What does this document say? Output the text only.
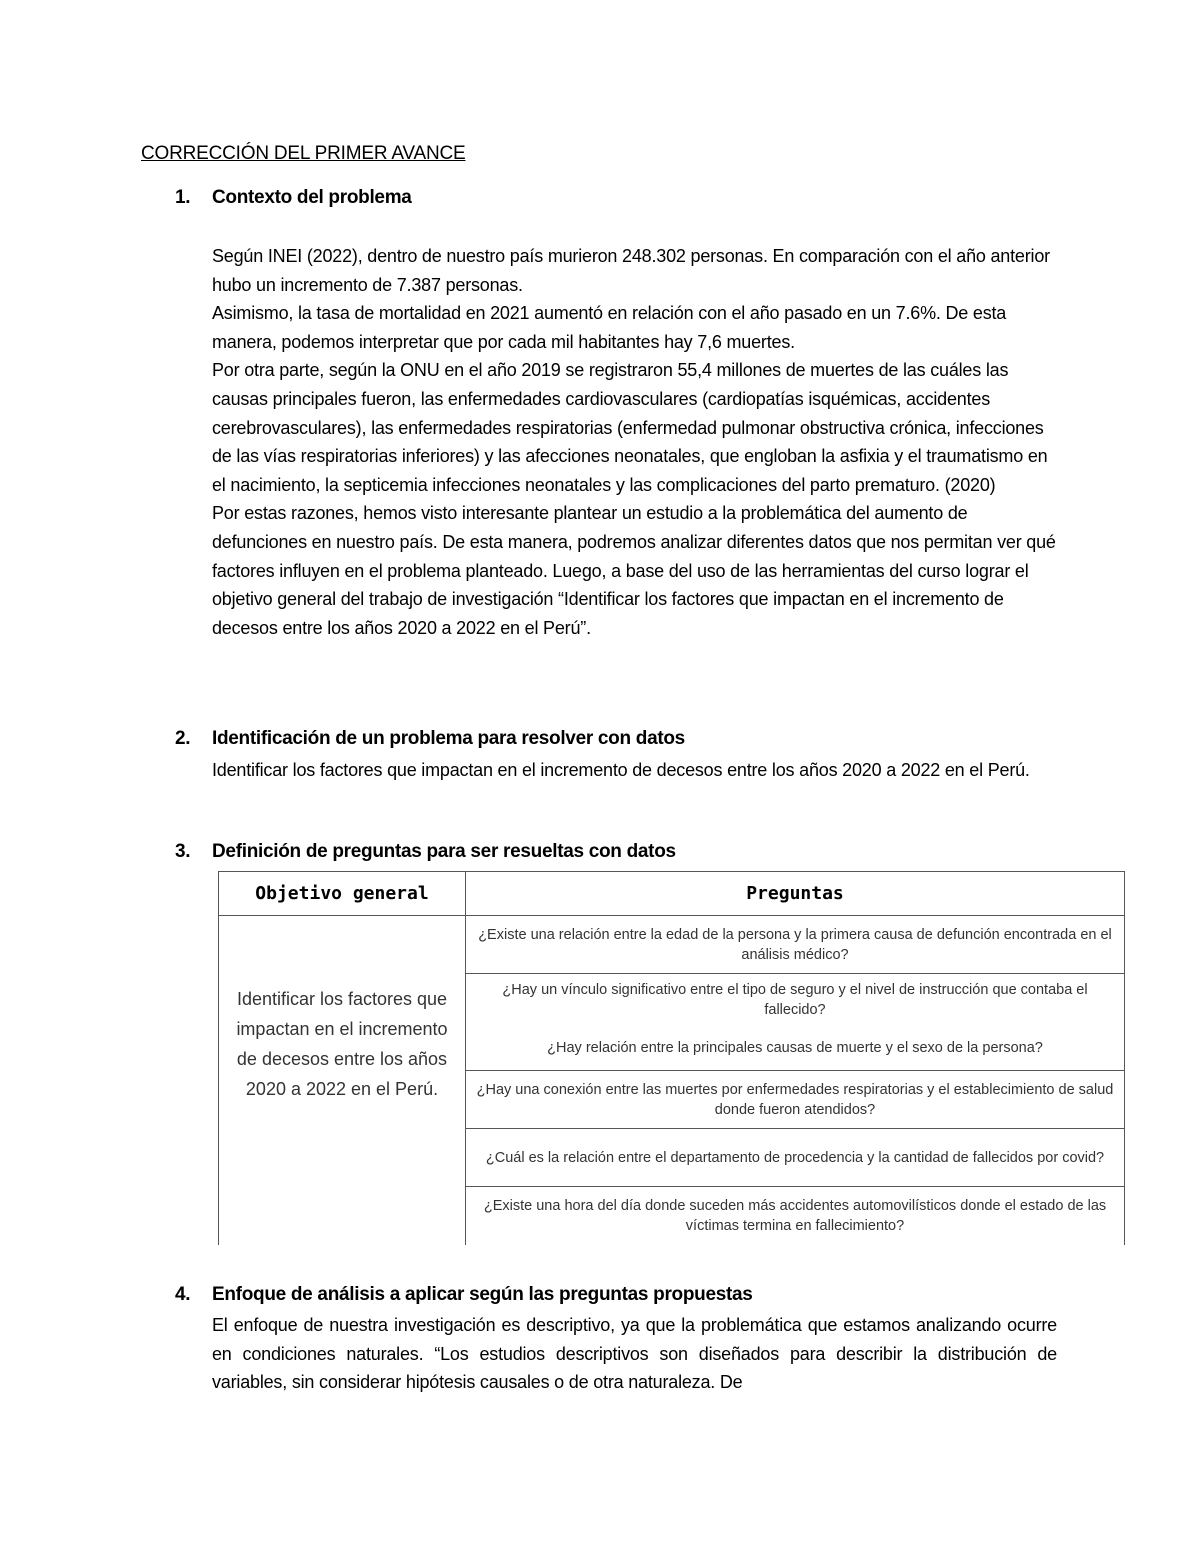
CORRECCIÓN DEL PRIMER AVANCE
1. Contexto del problema

Según INEI (2022), dentro de nuestro país murieron 248.302 personas. En comparación con el año anterior hubo un incremento de 7.387 personas.

Asimismo, la tasa de mortalidad en 2021 aumentó en relación con el año pasado en un 7.6%. De esta manera, podemos interpretar que por cada mil habitantes hay 7,6 muertes.

Por otra parte, según la ONU en el año 2019 se registraron 55,4 millones de muertes de las cuáles las causas principales fueron, las enfermedades cardiovasculares (cardiopatías isquémicas, accidentes cerebrovasculares), las enfermedades respiratorias (enfermedad pulmonar obstructiva crónica, infecciones de las vías respiratorias inferiores) y las afecciones neonatales, que engloban la asfixia y el traumatismo en el nacimiento, la septicemia infecciones neonatales y las complicaciones del parto prematuro. (2020)

Por estas razones, hemos visto interesante plantear un estudio a la problemática del aumento de defunciones en nuestro país. De esta manera, podremos analizar diferentes datos que nos permitan ver qué factores influyen en el problema planteado. Luego, a base del uso de las herramientas del curso lograr el objetivo general del trabajo de investigación “Identificar los factores que impactan en el incremento de decesos entre los años 2020 a 2022 en el Perú”.

2. Identificación de un problema para resolver con datos
Identificar los factores que impactan en el incremento de decesos entre los años 2020 a 2022 en el Perú.
3. Definición de preguntas para ser resueltas con datos
Objetivo general	Preguntas

Identificar los factores que impactan en el incremento de decesos entre los años 2020 a 2022 en el Perú.	¿Existe una relación entre la edad de la persona y la primera causa de defunción encontrada en el análisis médico?

	¿Hay un vínculo significativo entre el tipo de seguro y el nivel de instrucción que contaba el fallecido?
¿Hay relación entre la principales causas de muerte y el sexo de la persona?

	¿Hay una conexión entre las muertes por enfermedades respiratorias y el establecimiento de salud donde fueron atendidos?

	¿Cuál es la relación entre el departamento de procedencia y la cantidad de fallecidos por covid?

	¿Existe una hora del día donde suceden más accidentes automovilísticos donde el estado de las víctimas termina en fallecimiento?
4. Enfoque de análisis a aplicar según las preguntas propuestas
El enfoque de nuestra investigación es descriptivo, ya que la problemática que estamos analizando ocurre en condiciones naturales. “Los estudios descriptivos son diseñados para describir la distribución de variables, sin considerar hipótesis causales o de otra naturaleza. De
